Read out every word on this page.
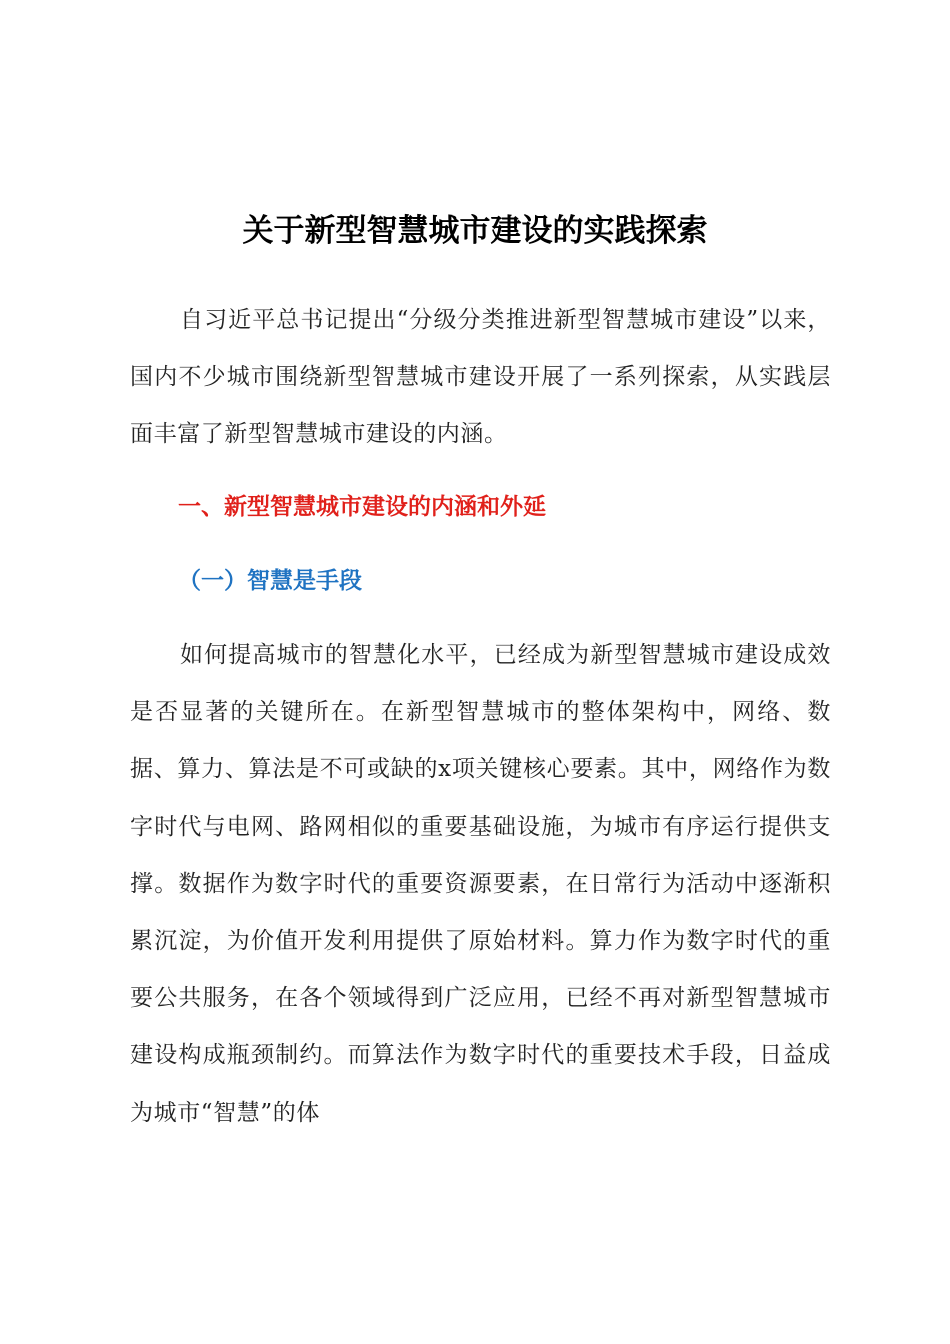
关于新型智慧城市建设的实践探索

自习近平总书记提出“分级分类推进新型智慧城市建设”以来，国内不少城市围绕新型智慧城市建设开展了一系列探索，从实践层面丰富了新型智慧城市建设的内涵。

一、新型智慧城市建设的内涵和外延
（一）智慧是手段

如何提高城市的智慧化水平，已经成为新型智慧城市建设成效是否显著的关键所在。在新型智慧城市的整体架构中，网络、数据、算力、算法是不可或缺的x项关键核心要素。其中，网络作为数字时代与电网、路网相似的重要基础设施，为城市有序运行提供支撑。数据作为数字时代的重要资源要素，在日常行为活动中逐渐积累沉淀，为价值开发利用提供了原始材料。算力作为数字时代的重要公共服务，在各个领域得到广泛应用，已经不再对新型智慧城市建设构成瓶颈制约。而算法作为数字时代的重要技术手段，日益成为城市“智慧”的体
